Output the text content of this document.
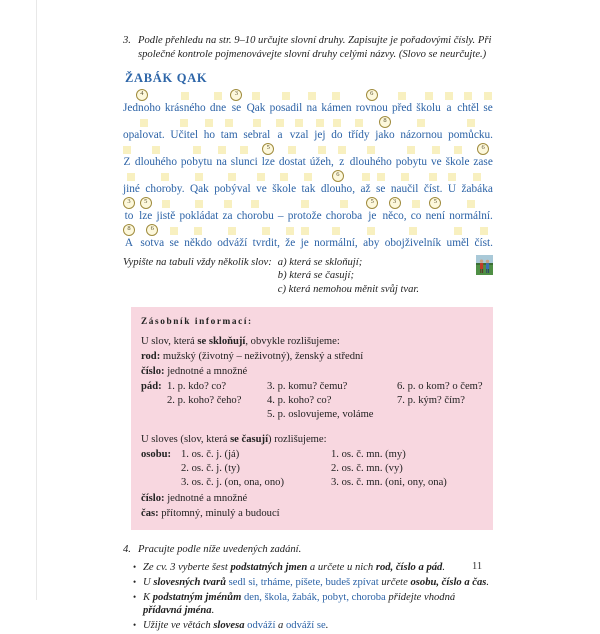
3. Podle přehledu na str. 9–10 určujte slovní druhy. Zapisujte je pořadovými čísly. Při společné kontrole pojmenovávejte slovní druhy celými názvy. (Slovo se neurčujte.)
ŽABÁK QAK
4
Jednoho krásného dne
3
se Qak posadil na kámen
6
rovnou před školu a chtěl se
opalovat. Učitel ho tam sebral a vzal jej do třídy
8
jako názornou pomůcku.
Z dlouhého pobytu na slunci
5
lze dostat úžeh, z dlouhého pobytu ve škole
6
zase
jiné choroby. Qak pobýval ve škole tak
6
dlouho, až se naučil číst. U žabáka
3
to
5
lze jistě pokládat za chorobu – protože choroba
5
je
3
něco, co
5
není normální.
8
A
6
sotva se někdo odváží tvrdit, že je normální, aby obojživelník uměl číst.
Vypište na tabuli vždy několik slov: a) která se skloňují;
b) která se časují;
c) která nemohou měnit svůj tvar.
Zásobník informací:
U slov, která se skloňují, obvykle rozlišujeme:
rod: mužský (životný – neživotný), ženský a střední
číslo: jednotné a množné
pád: 1. p. kdo? co?
2. p. koho? čeho?
3. p. komu? čemu?
4. p. koho? co?
5. p. oslovujeme, voláme
6. p. o kom? o čem?
7. p. kým? čím?
U sloves (slov, která se časují) rozlišujeme:
osobu: 1. os. č. j. (já)
2. os. č. j. (ty)
3. os. č. j. (on, ona, ono)
1. os. č. mn. (my)
2. os. č. mn. (vy)
3. os. č. mn. (oni, ony, ona)
číslo: jednotné a množné
čas: přítomný, minulý a budoucí
4. Pracujte podle níže uvedených zadání.
• Ze cv. 3 vyberte šest podstatných jmen a určete u nich rod, číslo a pád.
• U slovesných tvarů sedl si, trháme, píšete, budeš zpívat určete osobu, číslo a čas.
• K podstatným jménům den, škola, žabák, pobyt, choroba přidejte vhodná přídavná jména.
• Užijte ve větách slovesa odváží a odváží se.
11
